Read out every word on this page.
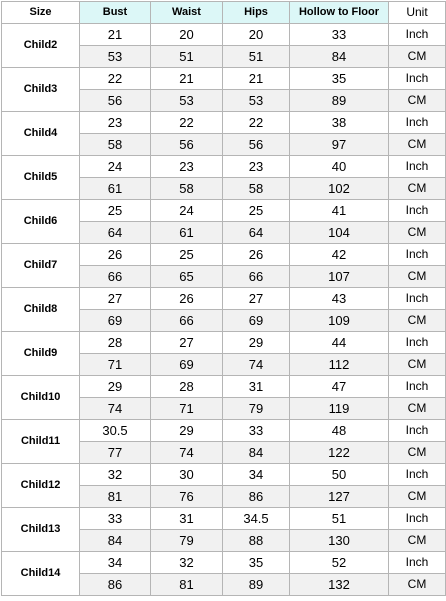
Size	Bust	Waist	Hips	Hollow to Floor	Unit
Child2	21	20	20	33	Inch
	53	51	51	84	CM
Child3	22	21	21	35	Inch
	56	53	53	89	CM
Child4	23	22	22	38	Inch
	58	56	56	97	CM
Child5	24	23	23	40	Inch
	61	58	58	102	CM
Child6	25	24	25	41	Inch
	64	61	64	104	CM
Child7	26	25	26	42	Inch
	66	65	66	107	CM
Child8	27	26	27	43	Inch
	69	66	69	109	CM
Child9	28	27	29	44	Inch
	71	69	74	112	CM
Child10	29	28	31	47	Inch
	74	71	79	119	CM
Child11	30.5	29	33	48	Inch
	77	74	84	122	CM
Child12	32	30	34	50	Inch
	81	76	86	127	CM
Child13	33	31	34.5	51	Inch
	84	79	88	130	CM
Child14	34	32	35	52	Inch
	86	81	89	132	CM
